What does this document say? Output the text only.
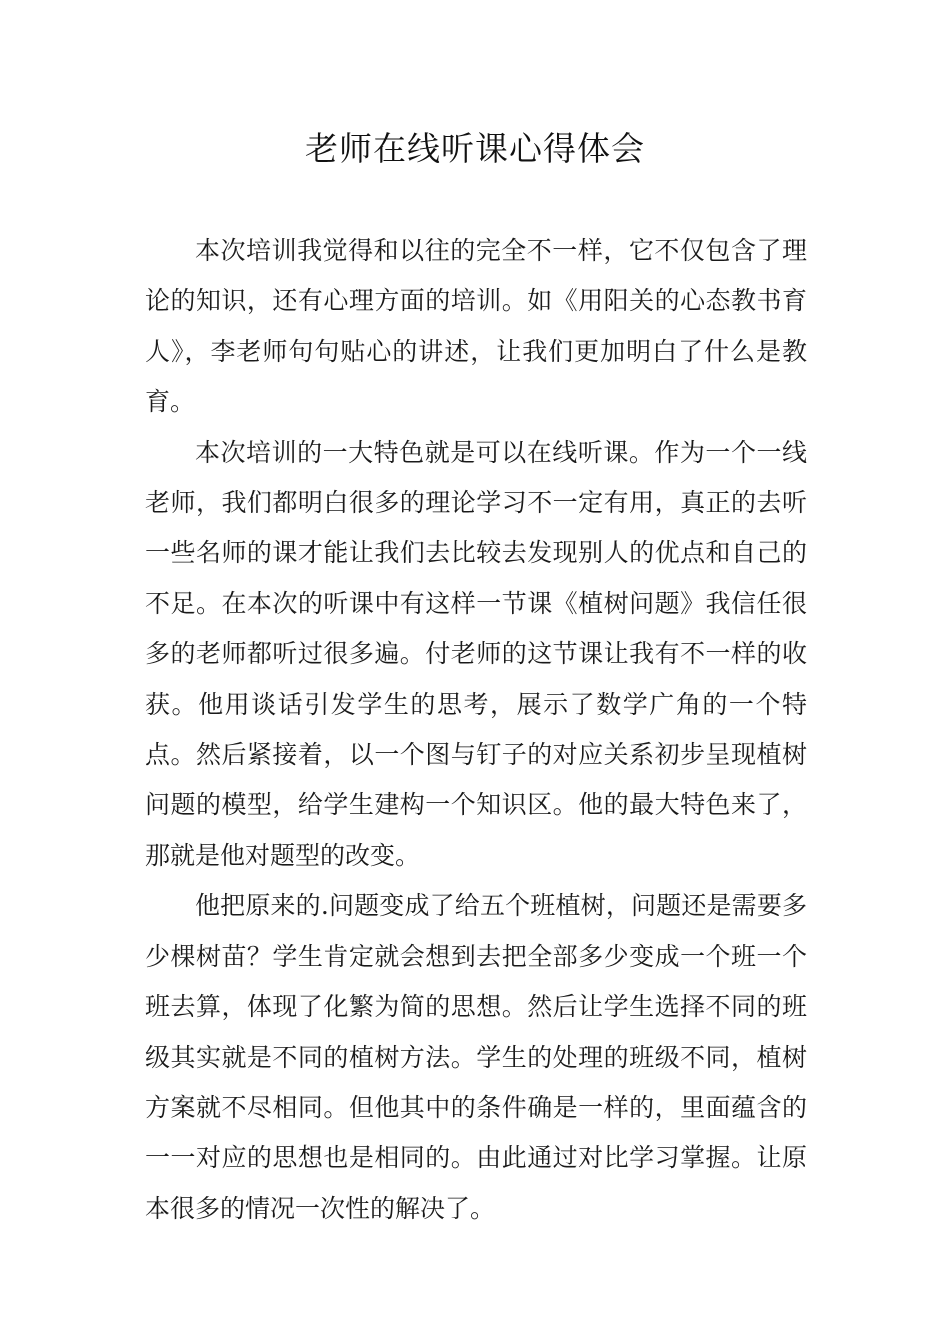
老师在线听课心得体会

本次培训我觉得和以往的完全不一样，它不仅包含了理论的知识，还有心理方面的培训。如《用阳关的心态教书育人》，李老师句句贴心的讲述，让我们更加明白了什么是教育。

本次培训的一大特色就是可以在线听课。作为一个一线老师，我们都明白很多的理论学习不一定有用，真正的去听一些名师的课才能让我们去比较去发现别人的优点和自己的不足。在本次的听课中有这样一节课《植树问题》我信任很多的老师都听过很多遍。付老师的这节课让我有不一样的收获。他用谈话引发学生的思考，展示了数学广角的一个特点。然后紧接着，以一个图与钉子的对应关系初步呈现植树问题的模型，给学生建构一个知识区。他的最大特色来了，那就是他对题型的改变。

他把原来的.问题变成了给五个班植树，问题还是需要多少棵树苗？学生肯定就会想到去把全部多少变成一个班一个班去算，体现了化繁为简的思想。然后让学生选择不同的班级其实就是不同的植树方法。学生的处理的班级不同，植树方案就不尽相同。但他其中的条件确是一样的，里面蕴含的一一对应的思想也是相同的。由此通过对比学习掌握。让原本很多的情况一次性的解决了。
